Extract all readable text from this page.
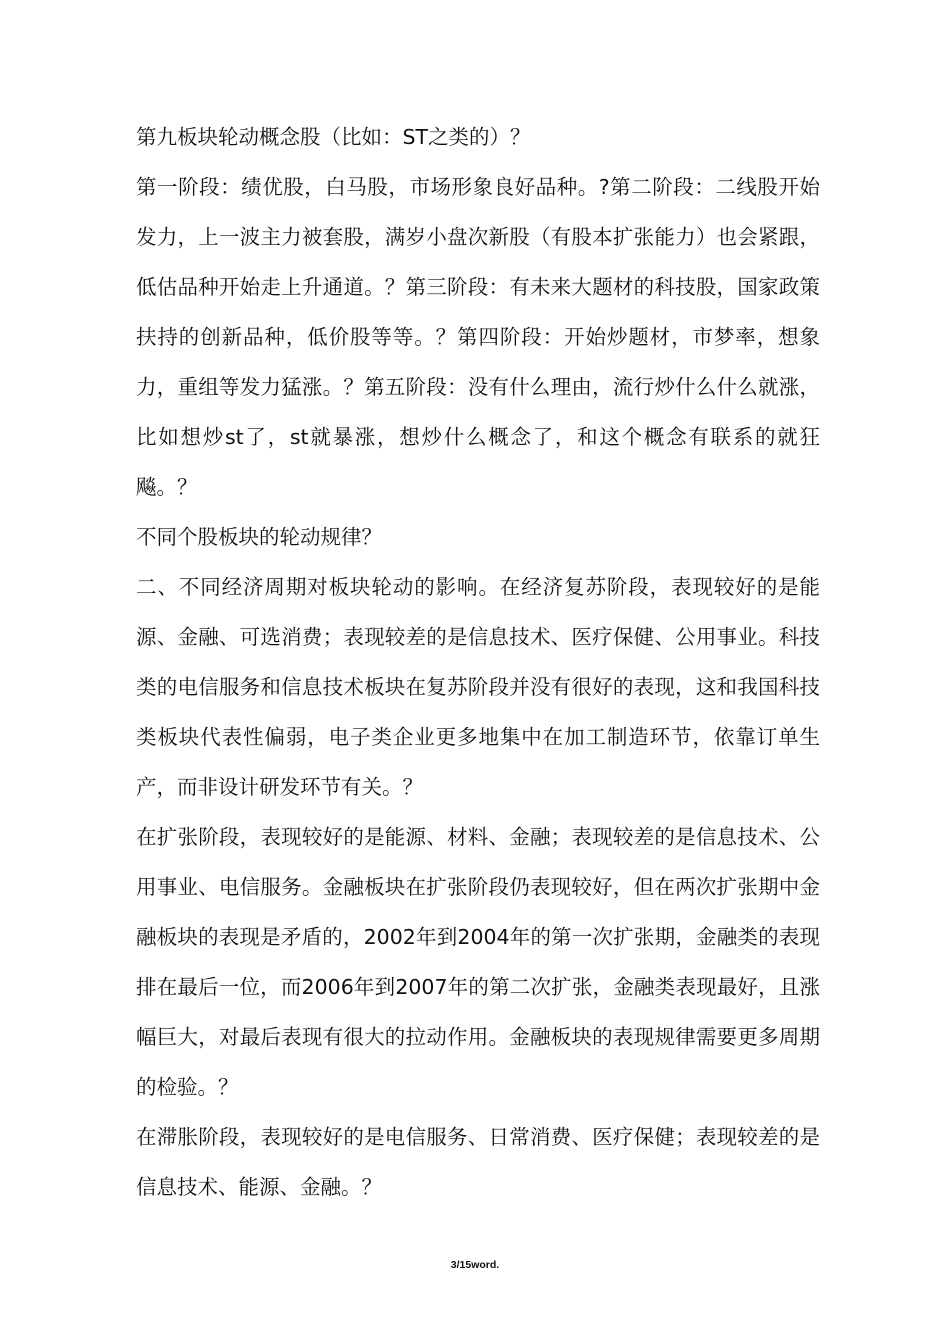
第九板块轮动概念股（比如：ST之类的）？

第一阶段：绩优股，白马股，市场形象良好品种。?第二阶段：二线股开始发力，上一波主力被套股，满岁小盘次新股（有股本扩张能力）也会紧跟，低估品种开始走上升通道。？第三阶段：有未来大题材的科技股，国家政策扶持的创新品种，低价股等等。？第四阶段：开始炒题材，市梦率，想象力，重组等发力猛涨。？第五阶段：没有什么理由，流行炒什么什么就涨，比如想炒st了，st就暴涨，想炒什么概念了，和这个概念有联系的就狂飚。？

不同个股板块的轮动规律？

二、不同经济周期对板块轮动的影响。在经济复苏阶段，表现较好的是能源、金融、可选消费；表现较差的是信息技术、医疗保健、公用事业。科技类的电信服务和信息技术板块在复苏阶段并没有很好的表现，这和我国科技类板块代表性偏弱，电子类企业更多地集中在加工制造环节，依靠订单生产，而非设计研发环节有关。？

在扩张阶段，表现较好的是能源、材料、金融；表现较差的是信息技术、公用事业、电信服务。金融板块在扩张阶段仍表现较好，但在两次扩张期中金融板块的表现是矛盾的，2002年到2004年的第一次扩张期，金融类的表现排在最后一位，而2006年到2007年的第二次扩张，金融类表现最好，且涨幅巨大，对最后表现有很大的拉动作用。金融板块的表现规律需要更多周期的检验。？

在滞胀阶段，表现较好的是电信服务、日常消费、医疗保健；表现较差的是信息技术、能源、金融。？

3/15word.
